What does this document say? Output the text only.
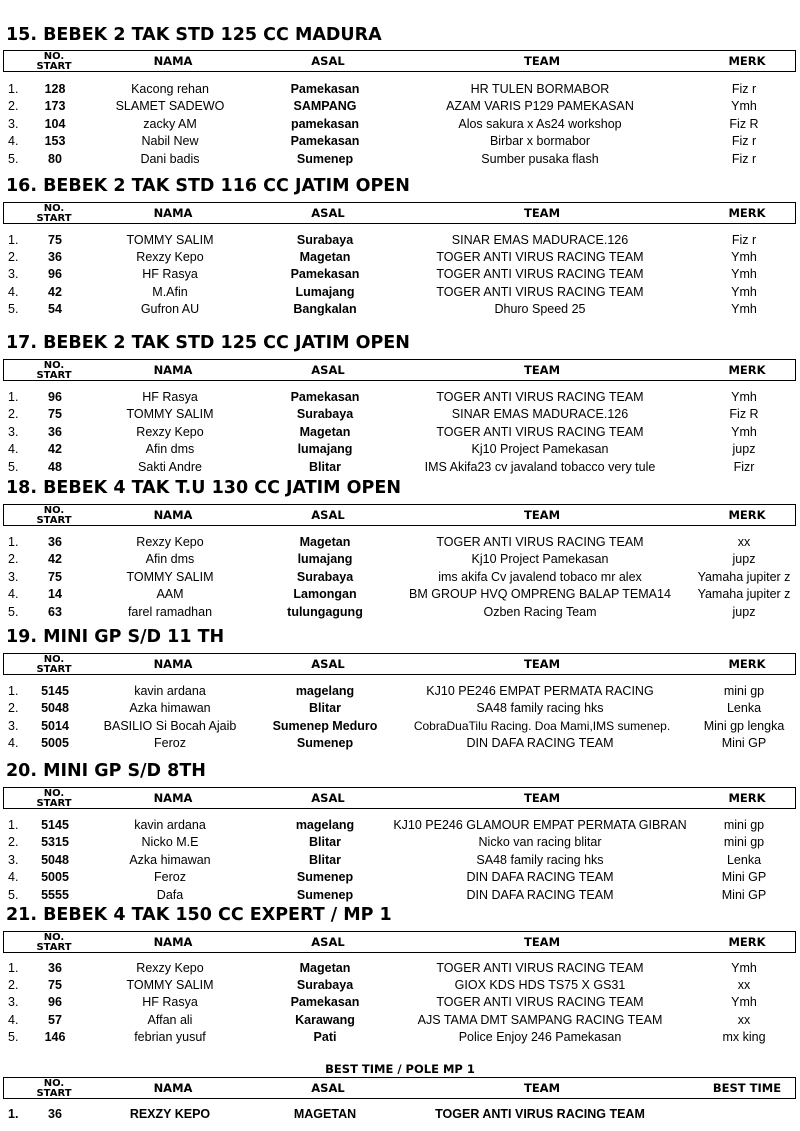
15. BEBEK 2 TAK STD 125 CC MADURA
NO.
START	NAMA	ASAL	TEAM	MERK
1.	128	Kacong rehan	Pamekasan	HR TULEN BORMABOR	Fiz r
2.	173	SLAMET SADEWO	SAMPANG	AZAM VARIS P129 PAMEKASAN	Ymh
3.	104	zacky AM	pamekasan	Alos sakura x As24 workshop	Fiz R
4.	153	Nabil New	Pamekasan	Birbar x bormabor	Fiz r
5.	80	Dani badis	Sumenep	Sumber pusaka flash	Fiz r
16. BEBEK 2 TAK STD 116 CC JATIM OPEN
NO.
START	NAMA	ASAL	TEAM	MERK
1.	75	TOMMY SALIM	Surabaya	SINAR EMAS MADURACE.126	Fiz r
2.	36	Rexzy Kepo	Magetan	TOGER ANTI VIRUS RACING TEAM	Ymh
3.	96	HF Rasya	Pamekasan	TOGER ANTI VIRUS RACING TEAM	Ymh
4.	42	M.Afin	Lumajang	TOGER ANTI VIRUS RACING TEAM	Ymh
5.	54	Gufron AU	Bangkalan	Dhuro Speed 25	Ymh
17. BEBEK 2 TAK STD 125 CC JATIM OPEN
NO.
START	NAMA	ASAL	TEAM	MERK
1.	96	HF Rasya	Pamekasan	TOGER ANTI VIRUS RACING TEAM	Ymh
2.	75	TOMMY SALIM	Surabaya	SINAR EMAS MADURACE.126	Fiz R
3.	36	Rexzy Kepo	Magetan	TOGER ANTI VIRUS RACING TEAM	Ymh
4.	42	Afin dms	lumajang	Kj10 Project Pamekasan	jupz
5.	48	Sakti Andre	Blitar	IMS Akifa23 cv javaland tobacco very tule	Fizr
18. BEBEK 4 TAK T.U 130 CC JATIM OPEN
NO.
START	NAMA	ASAL	TEAM	MERK
1.	36	Rexzy Kepo	Magetan	TOGER ANTI VIRUS RACING TEAM	xx
2.	42	Afin dms	lumajang	Kj10 Project Pamekasan	jupz
3.	75	TOMMY SALIM	Surabaya	ims akifa Cv javalend tobaco mr alex	Yamaha jupiter z
4.	14	AAM	Lamongan	BM GROUP HVQ OMPRENG BALAP TEMA14	Yamaha jupiter z
5.	63	farel ramadhan	tulungagung	Ozben Racing Team	jupz
19. MINI GP S/D 11 TH
NO.
START	NAMA	ASAL	TEAM	MERK
1.	5145	kavin ardana	magelang	KJ10 PE246 EMPAT PERMATA RACING	mini gp
2.	5048	Azka himawan	Blitar	SA48 family racing hks	Lenka
3.	5014	BASILIO Si Bocah Ajaib	Sumenep Meduro	CobraDuaTilu Racing. Doa Mami,IMS sumenep.	Mini gp lengka
4.	5005	Feroz	Sumenep	DIN DAFA RACING TEAM	Mini GP
20. MINI GP S/D 8TH
NO.
START	NAMA	ASAL	TEAM	MERK
1.	5145	kavin ardana	magelang	KJ10 PE246 GLAMOUR EMPAT PERMATA GIBRAN	mini gp
2.	5315	Nicko M.E	Blitar	Nicko van racing blitar	mini gp
3.	5048	Azka himawan	Blitar	SA48 family racing hks	Lenka
4.	5005	Feroz	Sumenep	DIN DAFA RACING TEAM	Mini GP
5.	5555	Dafa	Sumenep	DIN DAFA RACING TEAM	Mini GP
21. BEBEK 4 TAK 150 CC EXPERT / MP 1
NO.
START	NAMA	ASAL	TEAM	MERK
1.	36	Rexzy Kepo	Magetan	TOGER ANTI VIRUS RACING TEAM	Ymh
2.	75	TOMMY SALIM	Surabaya	GIOX KDS HDS TS75 X GS31	xx
3.	96	HF Rasya	Pamekasan	TOGER ANTI VIRUS RACING TEAM	Ymh
4.	57	Affan ali	Karawang	AJS TAMA DMT SAMPANG RACING TEAM	xx
5.	146	febrian yusuf	Pati	Police Enjoy 246 Pamekasan	mx king
BEST TIME / POLE MP 1
NO.
START	NAMA	ASAL	TEAM	BEST TIME
1.	36	REXZY KEPO	MAGETAN	TOGER ANTI VIRUS RACING TEAM
